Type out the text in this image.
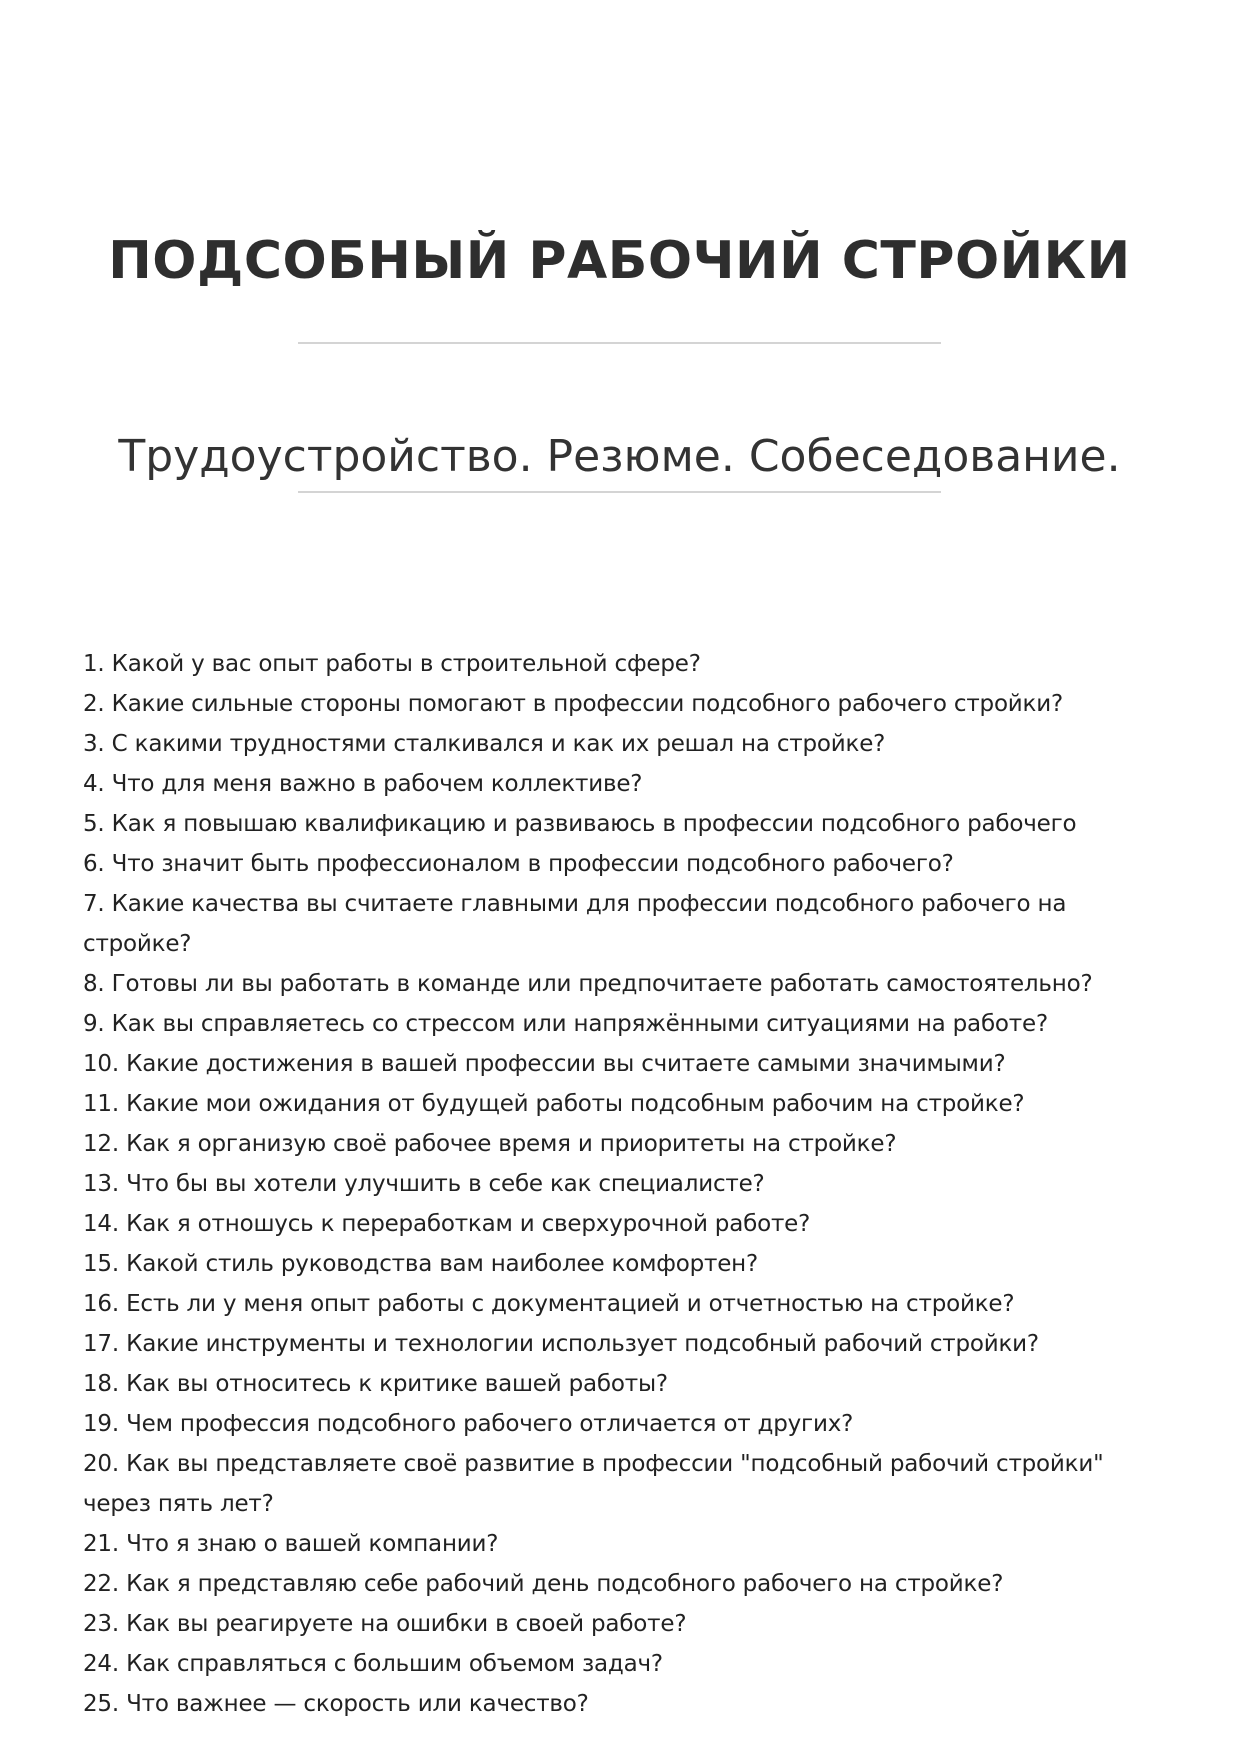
ПОДСОБНЫЙ РАБОЧИЙ СТРОЙКИ
Трудоустройство. Резюме. Собеседование.
1. Какой у вас опыт работы в строительной сфере?
2. Какие сильные стороны помогают в профессии подсобного рабочего стройки?
3. С какими трудностями сталкивался и как их решал на стройке?
4. Что для меня важно в рабочем коллективе?
5. Как я повышаю квалификацию и развиваюсь в профессии подсобного рабочего
6. Что значит быть профессионалом в профессии подсобного рабочего?
7. Какие качества вы считаете главными для профессии подсобного рабочего на стройке?
8. Готовы ли вы работать в команде или предпочитаете работать самостоятельно?
9. Как вы справляетесь со стрессом или напряжёнными ситуациями на работе?
10. Какие достижения в вашей профессии вы считаете самыми значимыми?
11. Какие мои ожидания от будущей работы подсобным рабочим на стройке?
12. Как я организую своё рабочее время и приоритеты на стройке?
13. Что бы вы хотели улучшить в себе как специалисте?
14. Как я отношусь к переработкам и сверхурочной работе?
15. Какой стиль руководства вам наиболее комфортен?
16. Есть ли у меня опыт работы с документацией и отчетностью на стройке?
17. Какие инструменты и технологии использует подсобный рабочий стройки?
18. Как вы относитесь к критике вашей работы?
19. Чем профессия подсобного рабочего отличается от других?
20. Как вы представляете своё развитие в профессии "подсобный рабочий стройки" через пять лет?
21. Что я знаю о вашей компании?
22. Как я представляю себе рабочий день подсобного рабочего на стройке?
23. Как вы реагируете на ошибки в своей работе?
24. Как справляться с большим объемом задач?
25. Что важнее — скорость или качество?
